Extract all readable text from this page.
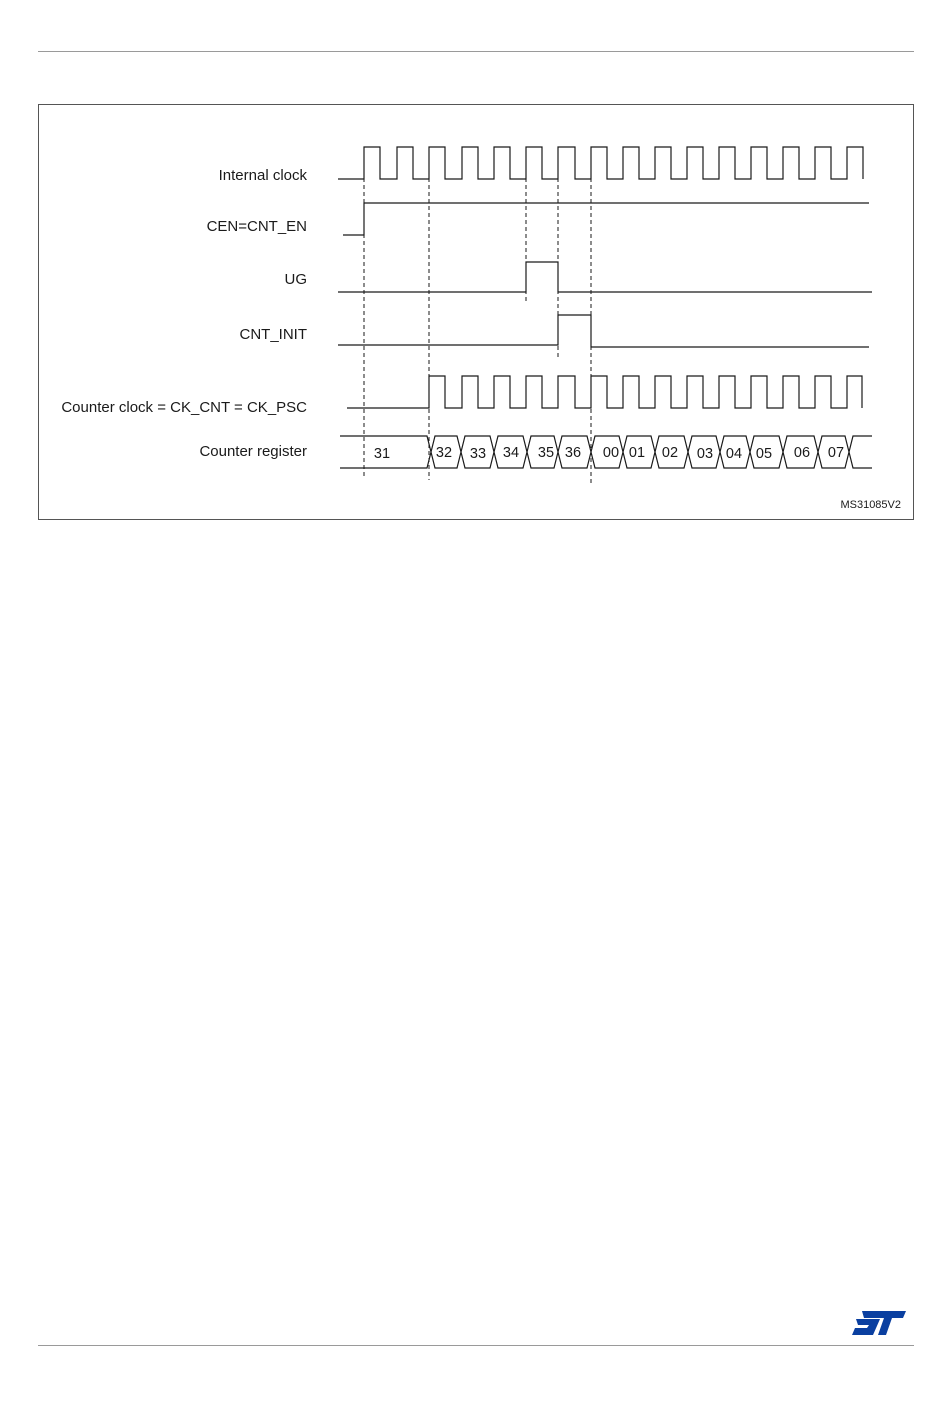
Internal clock
CEN=CNT_EN
UG
CNT_INIT
Counter clock = CK_CNT = CK_PSC
Counter register	31	32 33 34 35 36 00 01 02 03 04 05 06 07
MS31085V2
